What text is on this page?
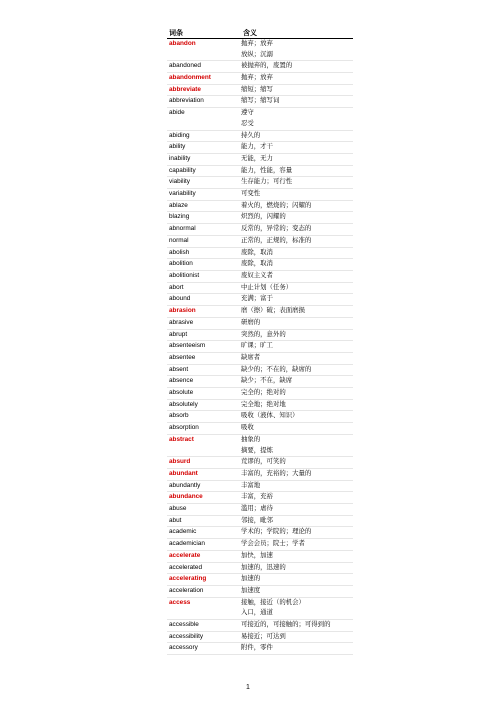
词条	含义
abandon	抛弃；放弃
放纵；沉溺
abandoned	被抛弃的，废置的
abandonment	抛弃；放弃
abbreviate	缩短；缩写
abbreviation	缩写；缩写词
abide	遵守
忍受
abiding	持久的
ability	能力，才干
inability	无能，无力
capability	能力，性能，容量
viability	生存能力；可行性
variability	可变性
ablaze	着火的，燃烧的；闪耀的
blazing	炽烈的，闪耀的
abnormal	反常的，异常的；变态的
normal	正常的，正规的，标准的
abolish	废除，取消
abolition	废除，取消
abolitionist	废奴主义者
abort	中止计划（任务）
abound	充满；富于
abrasion	磨（擦）破；表面磨损
abrasive	研磨的
abrupt	突然的，意外的
absenteeism	旷课；旷工
absentee	缺席者
absent	缺少的；不在的，缺席的
absence	缺少；不在，缺席
absolute	完全的；绝对的
absolutely	完全地；绝对地
absorb	吸收（液体、知识）
absorption	吸收
abstract	抽象的
摘要，提炼
absurd	荒谬的，可笑的
abundant	丰富的，充裕的；大量的
abundantly	丰富地
abundance	丰富，充裕
abuse	滥用；虐待
abut	邻接，毗邻
academic	学术的；学院的；理论的
academician	学会会员；院士；学者
accelerate	加快，加速
accelerated	加速的，迅速的
accelerating	加速的
acceleration	加速度
access	接触，接近（的机会）
入口，通道
accessible	可接近的，可接触的；可得到的
accessibility	易接近；可达到
accessory	附件，零件
1
